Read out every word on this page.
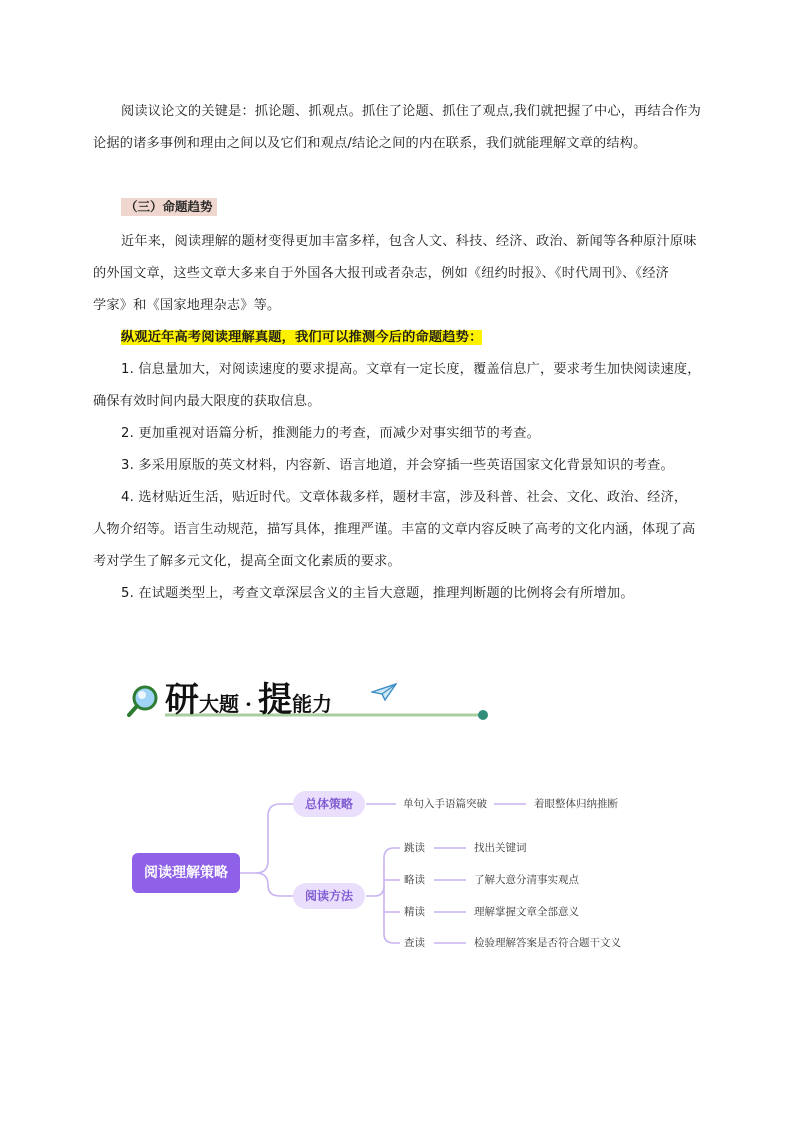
阅读议论文的关键是：抓论题、抓观点。抓住了论题、抓住了观点,我们就把握了中心，再结合作为
论据的诸多事例和理由之间以及它们和观点/结论之间的内在联系，我们就能理解文章的结构。
（三）命题趋势
近年来，阅读理解的题材变得更加丰富多样，包含人文、科技、经济、政治、新闻等各种原汁原味
的外国文章，这些文章大多来自于外国各大报刊或者杂志，例如《纽约时报》、《时代周刊》、《经济
学家》和《国家地理杂志》等。
纵观近年高考阅读理解真题，我们可以推测今后的命题趋势：
1. 信息量加大，对阅读速度的要求提高。文章有一定长度，覆盖信息广，要求考生加快阅读速度，
确保有效时间内最大限度的获取信息。
2. 更加重视对语篇分析，推测能力的考查，而减少对事实细节的考查。
3. 多采用原版的英文材料，内容新、语言地道，并会穿插一些英语国家文化背景知识的考查。
4. 选材贴近生活，贴近时代。文章体裁多样，题材丰富，涉及科普、社会、文化、政治、经济，
人物介绍等。语言生动规范，描写具体，推理严谨。丰富的文章内容反映了高考的文化内涵，体现了高
考对学生了解多元文化，提高全面文化素质的要求。
5. 在试题类型上，考查文章深层含义的主旨大意题，推理判断题的比例将会有所增加。
研大题 · 提能力
阅读理解策略
总体策略
阅读方法
单句入手语篇突破	着眼整体归纳推断
跳读	找出关键词
略读	了解大意分清事实观点
精读	理解掌握文章全部意义
查读	检验理解答案是否符合题干文义
